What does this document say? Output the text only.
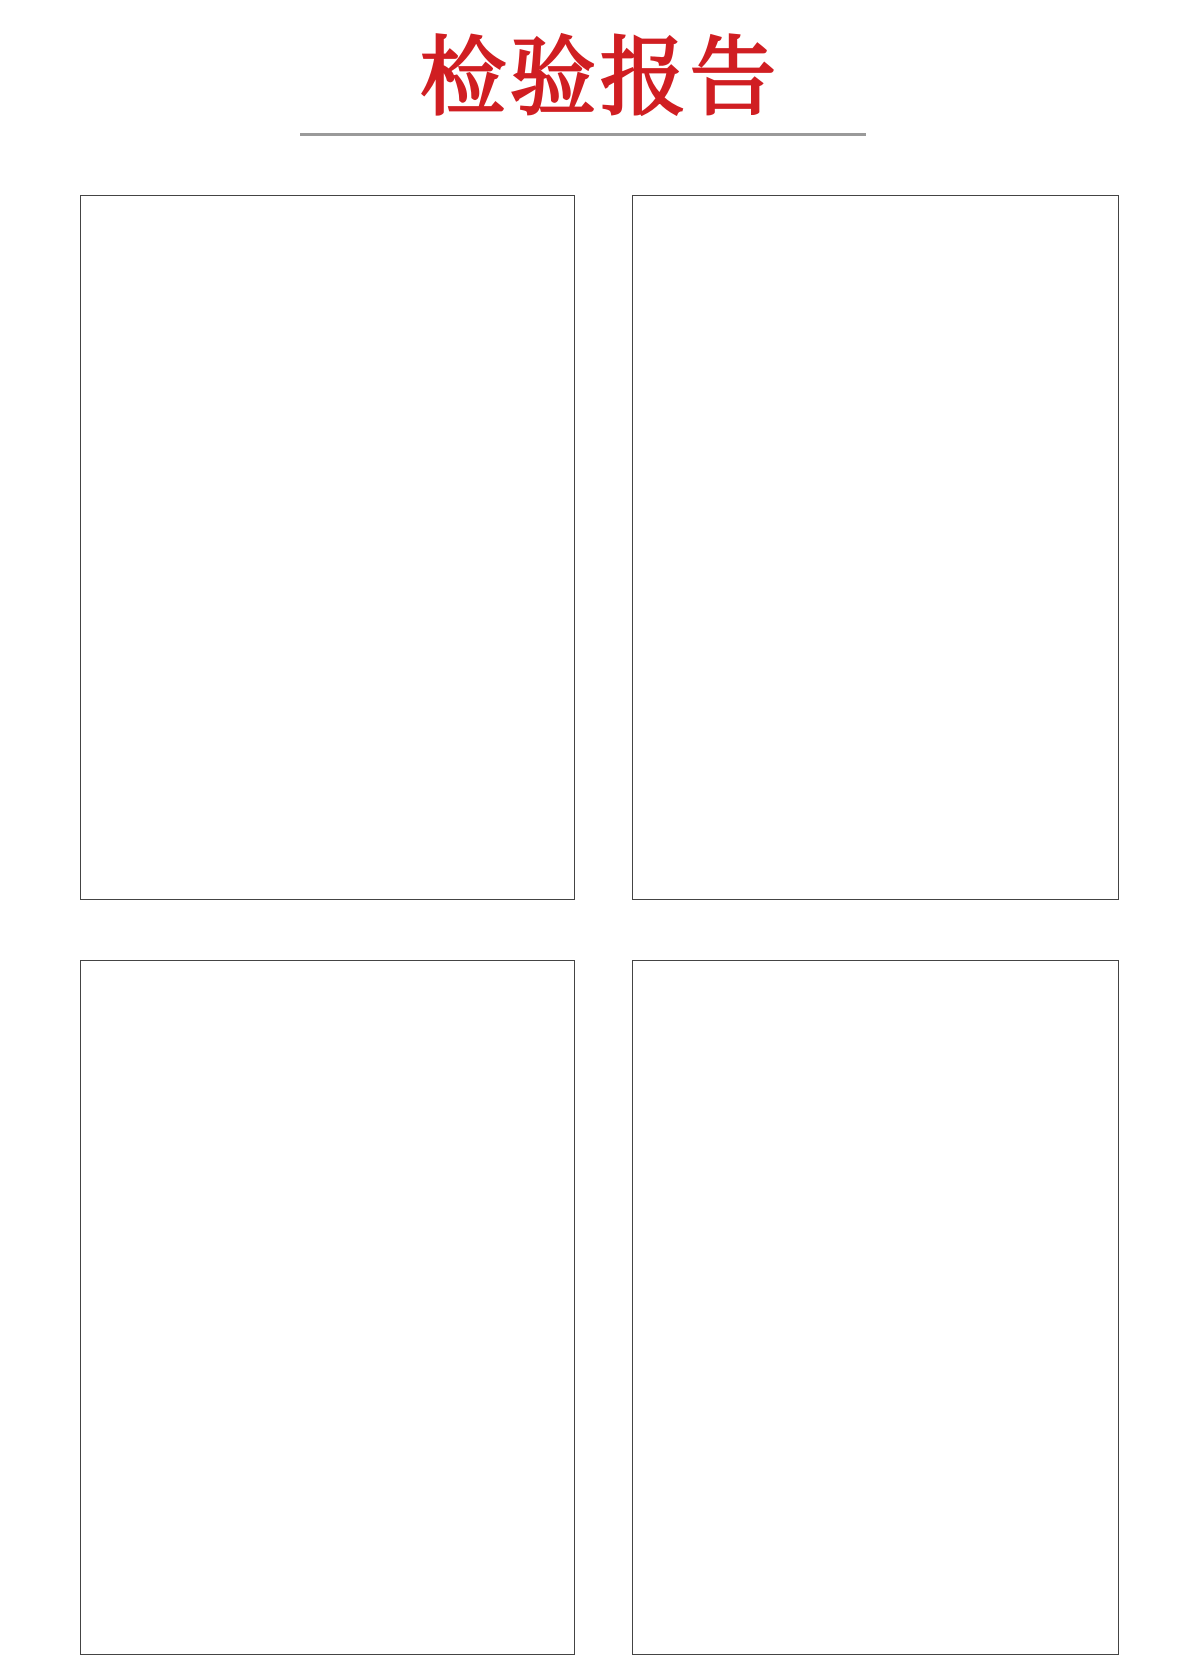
检验报告
